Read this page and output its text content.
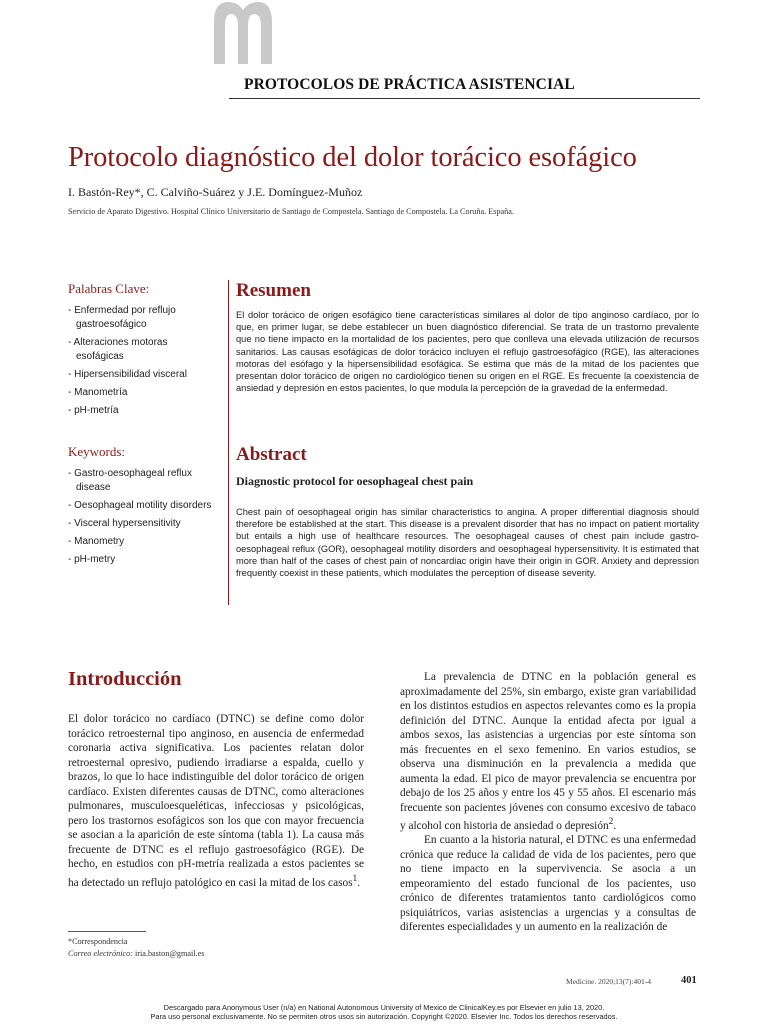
PROTOCOLOS DE PRÁCTICA ASISTENCIAL
Protocolo diagnóstico del dolor torácico esofágico
I. Bastón-Rey*, C. Calviño-Suárez y J.E. Domínguez-Muñoz
Servicio de Aparato Digestivo. Hospital Clínico Universitario de Santiago de Compostela. Santiago de Compostela. La Coruña. España.
Palabras Clave:
- Enfermedad por reflujo gastroesofágico
- Alteraciones motoras esofágicas
- Hipersensibilidad visceral
- Manometría
- pH-metría
Keywords:
- Gastro-oesophageal reflux disease
- Oesophageal motility disorders
- Visceral hypersensitivity
- Manometry
- pH-metry
Resumen

El dolor torácico de origen esofágico tiene características similares al dolor de tipo anginoso cardíaco, por lo que, en primer lugar, se debe establecer un buen diagnóstico diferencial. Se trata de un trastorno prevalente que no tiene impacto en la mortalidad de los pacientes, pero que conlleva una elevada utilización de recursos sanitarios. Las causas esofágicas de dolor torácico incluyen el reflujo gastroesofágico (RGE), las alteraciones motoras del esófago y la hipersensibilidad esofágica. Se estima que más de la mitad de los pacientes que presentan dolor torácico de origen no cardiológico tienen su origen en el RGE. Es frecuente la coexistencia de ansiedad y depresión en estos pacientes, lo que modula la percepción de la gravedad de la enfermedad.

Abstract
Diagnostic protocol for oesophageal chest pain

Chest pain of oesophageal origin has similar characteristics to angina. A proper differential diagnosis should therefore be established at the start. This disease is a prevalent disorder that has no impact on patient mortality but entails a high use of healthcare resources. The oesophageal causes of chest pain include gastro-oesophageal reflux (GOR), oesophageal motility disorders and oesophageal hypersensitivity. It is estimated that more than half of the cases of chest pain of noncardiac origin have their origin in GOR. Anxiety and depression frequently coexist in these patients, which modulates the perception of disease severity.

Introducción

El dolor torácico no cardíaco (DTNC) se define como dolor torácico retroesternal tipo anginoso, en ausencia de enfermedad coronaria activa significativa. Los pacientes relatan dolor retroesternal opresivo, pudiendo irradiarse a espalda, cuello y brazos, lo que lo hace indistinguible del dolor torácico de origen cardíaco. Existen diferentes causas de DTNC, como alteraciones pulmonares, musculoesqueléticas, infecciosas y psicológicas, pero los trastornos esofágicos son los que con mayor frecuencia se asocian a la aparición de este síntoma (tabla 1). La causa más frecuente de DTNC es el reflujo gastroesofágico (RGE). De hecho, en estudios con pH-metría realizada a estos pacientes se ha detectado un reflujo patológico en casi la mitad de los casos$^1$.

La prevalencia de DTNC en la población general es aproximadamente del 25%, sin embargo, existe gran variabilidad en los distintos estudios en aspectos relevantes como es la propia definición del DTNC. Aunque la entidad afecta por igual a ambos sexos, las asistencias a urgencias por este síntoma son más frecuentes en el sexo femenino. En varios estudios, se observa una disminución en la prevalencia a medida que aumenta la edad. El pico de mayor prevalencia se encuentra por debajo de los 25 años y entre los 45 y 55 años. El escenario más frecuente son pacientes jóvenes con consumo excesivo de tabaco y alcohol con historia de ansiedad o depresión$^2$.

En cuanto a la historia natural, el DTNC es una enfermedad crónica que reduce la calidad de vida de los pacientes, pero que no tiene impacto en la supervivencia. Se asocia a un empeoramiento del estado funcional de los pacientes, uso crónico de diferentes tratamientos tanto cardiológicos como psiquiátricos, varias asistencias a urgencias y a consultas de diferentes especialidades y un aumento en la realización de

*Correspondencia
Correo electrónico: iria.baston@gmail.es
Medicine. 2020;13(7):401-4	401
Descargado para Anonymous User (n/a) en National Autonomous University of Mexico de ClinicalKey.es por Elsevier en julio 13, 2020.
Para uso personal exclusivamente. No se permiten otros usos sin autorización. Copyright ©2020. Elsevier Inc. Todos los derechos reservados.
